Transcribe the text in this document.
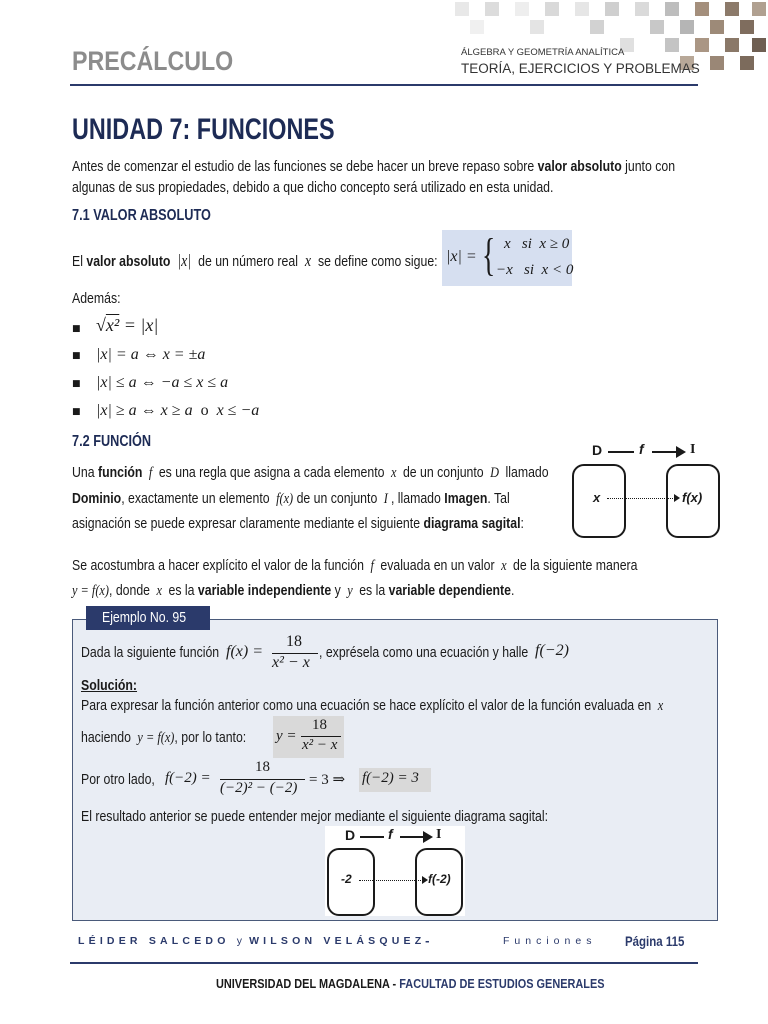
PRECÁLCULO	ÁLGEBRA Y GEOMETRÍA ANALÍTICA
TEORÍA, EJERCICIOS Y PROBLEMAS
UNIDAD 7: FUNCIONES
Antes de comenzar el estudio de las funciones se debe hacer un breve repaso sobre valor absoluto junto con
algunas de sus propiedades, debido a que dicho concepto será utilizado en esta unidad.
7.1 VALOR ABSOLUTO
El valor absoluto  |x|  de un número real  x  se define como sigue: |x| = { x   si  x ≥ 0
−x   si  x < 0
Además:
■ √x² = |x|
■ |x| = a ⇔ x = ±a
■ |x| ≤ a ⇔ −a ≤ x ≤ a
■ |x| ≥ a ⇔ x ≥ a  o  x ≤ −a
7.2 FUNCIÓN
Una función  f  es una regla que asigna a cada elemento  x  de un conjunto  D  llamado
Dominio, exactamente un elemento  f(x) de un conjunto  I , llamado Imagen. Tal
asignación se puede expresar claramente mediante el siguiente diagrama sagital:
D	f	I
x	f(x)
Se acostumbra a hacer explícito el valor de la función  f  evaluada en un valor  x  de la siguiente manera
y = f(x), donde  x  es la variable independiente y  y  es la variable dependiente.
Ejemplo No. 95
Dada la siguiente función f(x) =
18
x² − x
, exprésela como una ecuación y halle f(−2)
Solución:
Para expresar la función anterior como una ecuación se hace explícito el valor de la función evaluada en  x
haciendo  y = f(x), por lo tanto: y =
18
x² − x
Por otro lado, f(−2) =
18
(−2)² − (−2) = 3 ⇒ f(−2) = 3
El resultado anterior se puede entender mejor mediante el siguiente diagrama sagital:
D f	I
-2	f(-2)
LÉIDER SALCEDO y WILSON VELÁSQUEZ -	Funciones Página 115
UNIVERSIDAD DEL MAGDALENA - FACULTAD DE ESTUDIOS GENERALES
